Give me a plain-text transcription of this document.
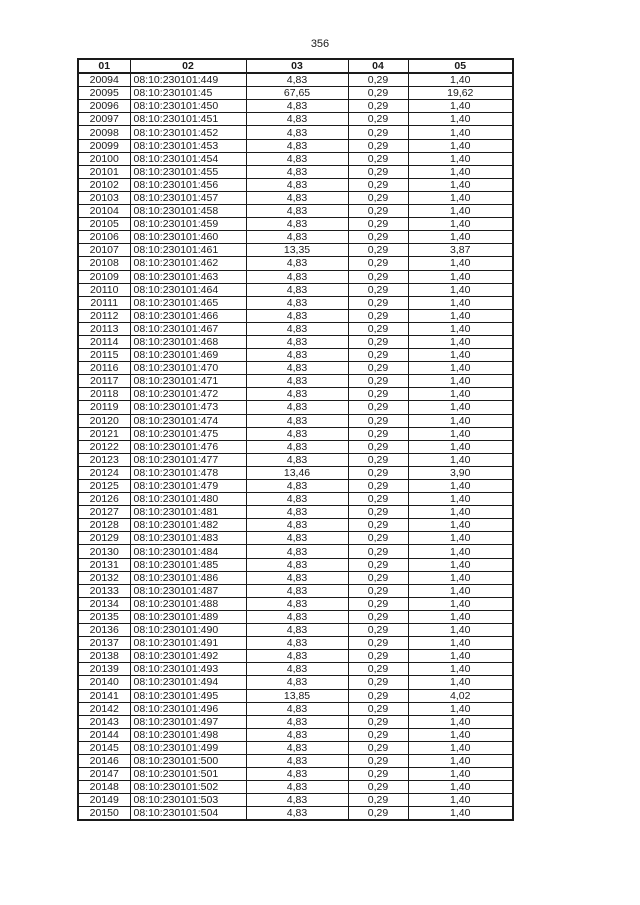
356
01	02	03	04	05
20094	08:10:230101:449	4,83	0,29	1,40
20095	08:10:230101:45	67,65	0,29	19,62
20096	08:10:230101:450	4,83	0,29	1,40
20097	08:10:230101:451	4,83	0,29	1,40
20098	08:10:230101:452	4,83	0,29	1,40
20099	08:10:230101:453	4,83	0,29	1,40
20100	08:10:230101:454	4,83	0,29	1,40
20101	08:10:230101:455	4,83	0,29	1,40
20102	08:10:230101:456	4,83	0,29	1,40
20103	08:10:230101:457	4,83	0,29	1,40
20104	08:10:230101:458	4,83	0,29	1,40
20105	08:10:230101:459	4,83	0,29	1,40
20106	08:10:230101:460	4,83	0,29	1,40
20107	08:10:230101:461	13,35	0,29	3,87
20108	08:10:230101:462	4,83	0,29	1,40
20109	08:10:230101:463	4,83	0,29	1,40
20110	08:10:230101:464	4,83	0,29	1,40
20111	08:10:230101:465	4,83	0,29	1,40
20112	08:10:230101:466	4,83	0,29	1,40
20113	08:10:230101:467	4,83	0,29	1,40
20114	08:10:230101:468	4,83	0,29	1,40
20115	08:10:230101:469	4,83	0,29	1,40
20116	08:10:230101:470	4,83	0,29	1,40
20117	08:10:230101:471	4,83	0,29	1,40
20118	08:10:230101:472	4,83	0,29	1,40
20119	08:10:230101:473	4,83	0,29	1,40
20120	08:10:230101:474	4,83	0,29	1,40
20121	08:10:230101:475	4,83	0,29	1,40
20122	08:10:230101:476	4,83	0,29	1,40
20123	08:10:230101:477	4,83	0,29	1,40
20124	08:10:230101:478	13,46	0,29	3,90
20125	08:10:230101:479	4,83	0,29	1,40
20126	08:10:230101:480	4,83	0,29	1,40
20127	08:10:230101:481	4,83	0,29	1,40
20128	08:10:230101:482	4,83	0,29	1,40
20129	08:10:230101:483	4,83	0,29	1,40
20130	08:10:230101:484	4,83	0,29	1,40
20131	08:10:230101:485	4,83	0,29	1,40
20132	08:10:230101:486	4,83	0,29	1,40
20133	08:10:230101:487	4,83	0,29	1,40
20134	08:10:230101:488	4,83	0,29	1,40
20135	08:10:230101:489	4,83	0,29	1,40
20136	08:10:230101:490	4,83	0,29	1,40
20137	08:10:230101:491	4,83	0,29	1,40
20138	08:10:230101:492	4,83	0,29	1,40
20139	08:10:230101:493	4,83	0,29	1,40
20140	08:10:230101:494	4,83	0,29	1,40
20141	08:10:230101:495	13,85	0,29	4,02
20142	08:10:230101:496	4,83	0,29	1,40
20143	08:10:230101:497	4,83	0,29	1,40
20144	08:10:230101:498	4,83	0,29	1,40
20145	08:10:230101:499	4,83	0,29	1,40
20146	08:10:230101:500	4,83	0,29	1,40
20147	08:10:230101:501	4,83	0,29	1,40
20148	08:10:230101:502	4,83	0,29	1,40
20149	08:10:230101:503	4,83	0,29	1,40
20150	08:10:230101:504	4,83	0,29	1,40
